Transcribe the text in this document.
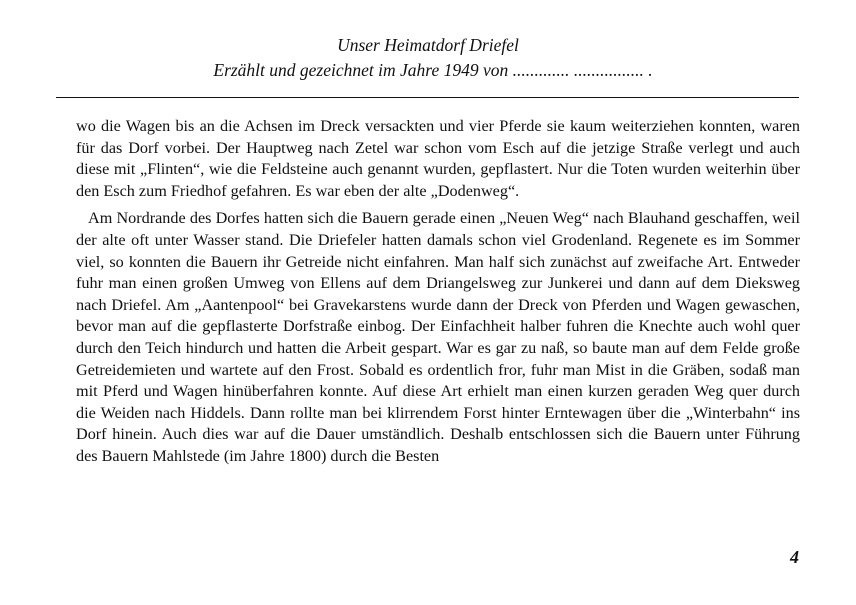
Unser Heimatdorf Driefel
Erzählt und gezeichnet im Jahre 1949 von ............. ................ .

wo die Wagen bis an die Achsen im Dreck versackten und vier Pferde sie kaum weiterziehen konnten, waren für das Dorf vorbei. Der Hauptweg nach Zetel war schon vom Esch auf die jetzige Straße verlegt und auch diese mit „Flinten“, wie die Feldsteine auch genannt wurden, gepflastert. Nur die Toten wurden weiterhin über den Esch zum Friedhof gefahren. Es war eben der alte „Dodenweg“.

Am Nordrande des Dorfes hatten sich die Bauern gerade einen „Neuen Weg“ nach Blauhand geschaffen, weil der alte oft unter Wasser stand. Die Driefeler hatten damals schon viel Grodenland. Regenete es im Sommer viel, so konnten die Bauern ihr Getreide nicht einfahren. Man half sich zunächst auf zweifache Art. Entweder fuhr man einen großen Umweg von Ellens auf dem Driangelsweg zur Junkerei und dann auf dem Dieksweg nach Driefel. Am „Aantenpool“ bei Gravekarstens wurde dann der Dreck von Pferden und Wagen gewaschen, bevor man auf die gepflasterte Dorfstraße einbog. Der Einfachheit halber fuhren die Knechte auch wohl quer durch den Teich hindurch und hatten die Arbeit gespart. War es gar zu naß, so baute man auf dem Felde große Getreidemieten und wartete auf den Frost. Sobald es ordentlich fror, fuhr man Mist in die Gräben, sodaß man mit Pferd und Wagen hinüberfahren konnte. Auf diese Art erhielt man einen kurzen geraden Weg quer durch die Weiden nach Hiddels. Dann rollte man bei klirrendem Forst hinter Erntewagen über die „Winterbahn“ ins Dorf hinein. Auch dies war auf die Dauer umständlich. Deshalb entschlossen sich die Bauern unter Führung des Bauern Mahlstede (im Jahre 1800) durch die Besten

4
